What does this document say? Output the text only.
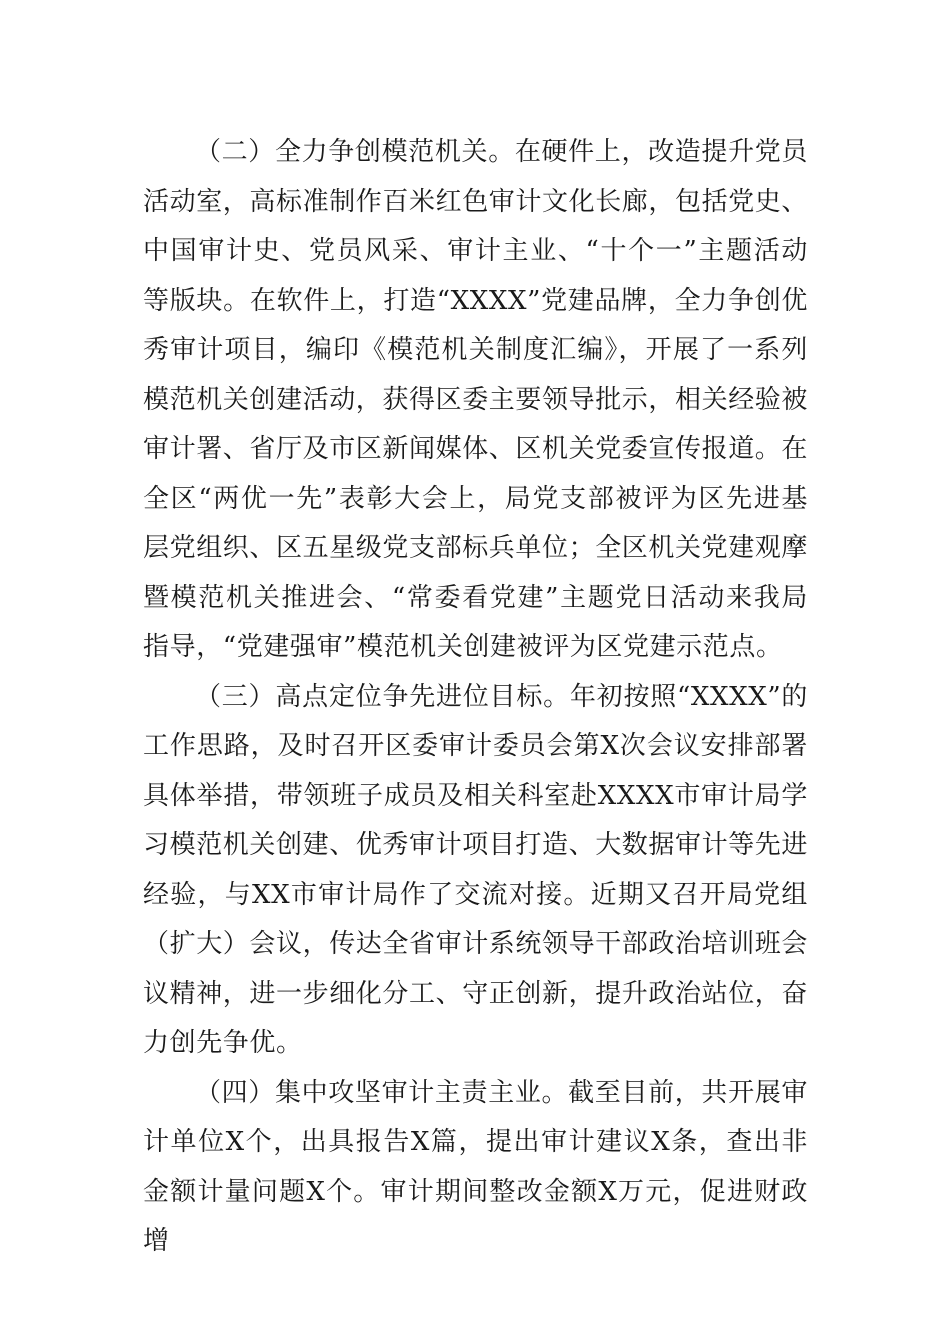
（二）全力争创模范机关。在硬件上，改造提升党员活动室，高标准制作百米红色审计文化长廊，包括党史、中国审计史、党员风采、审计主业、“十个一”主题活动等版块。在软件上，打造“XXXX”党建品牌，全力争创优秀审计项目，编印《模范机关制度汇编》，开展了一系列模范机关创建活动，获得区委主要领导批示，相关经验被审计署、省厅及市区新闻媒体、区机关党委宣传报道。在全区“两优一先”表彰大会上，局党支部被评为区先进基层党组织、区五星级党支部标兵单位；全区机关党建观摩暨模范机关推进会、“常委看党建”主题党日活动来我局指导，“党建强审”模范机关创建被评为区党建示范点。

（三）高点定位争先进位目标。年初按照“XXXX”的工作思路，及时召开区委审计委员会第X次会议安排部署具体举措，带领班子成员及相关科室赴XXXX市审计局学习模范机关创建、优秀审计项目打造、大数据审计等先进经验，与XX市审计局作了交流对接。近期又召开局党组（扩大）会议，传达全省审计系统领导干部政治培训班会议精神，进一步细化分工、守正创新，提升政治站位，奋力创先争优。

（四）集中攻坚审计主责主业。截至目前，共开展审计单位X个，出具报告X篇，提出审计建议X条，查出非金额计量问题X个。审计期间整改金额X万元，促进财政增
